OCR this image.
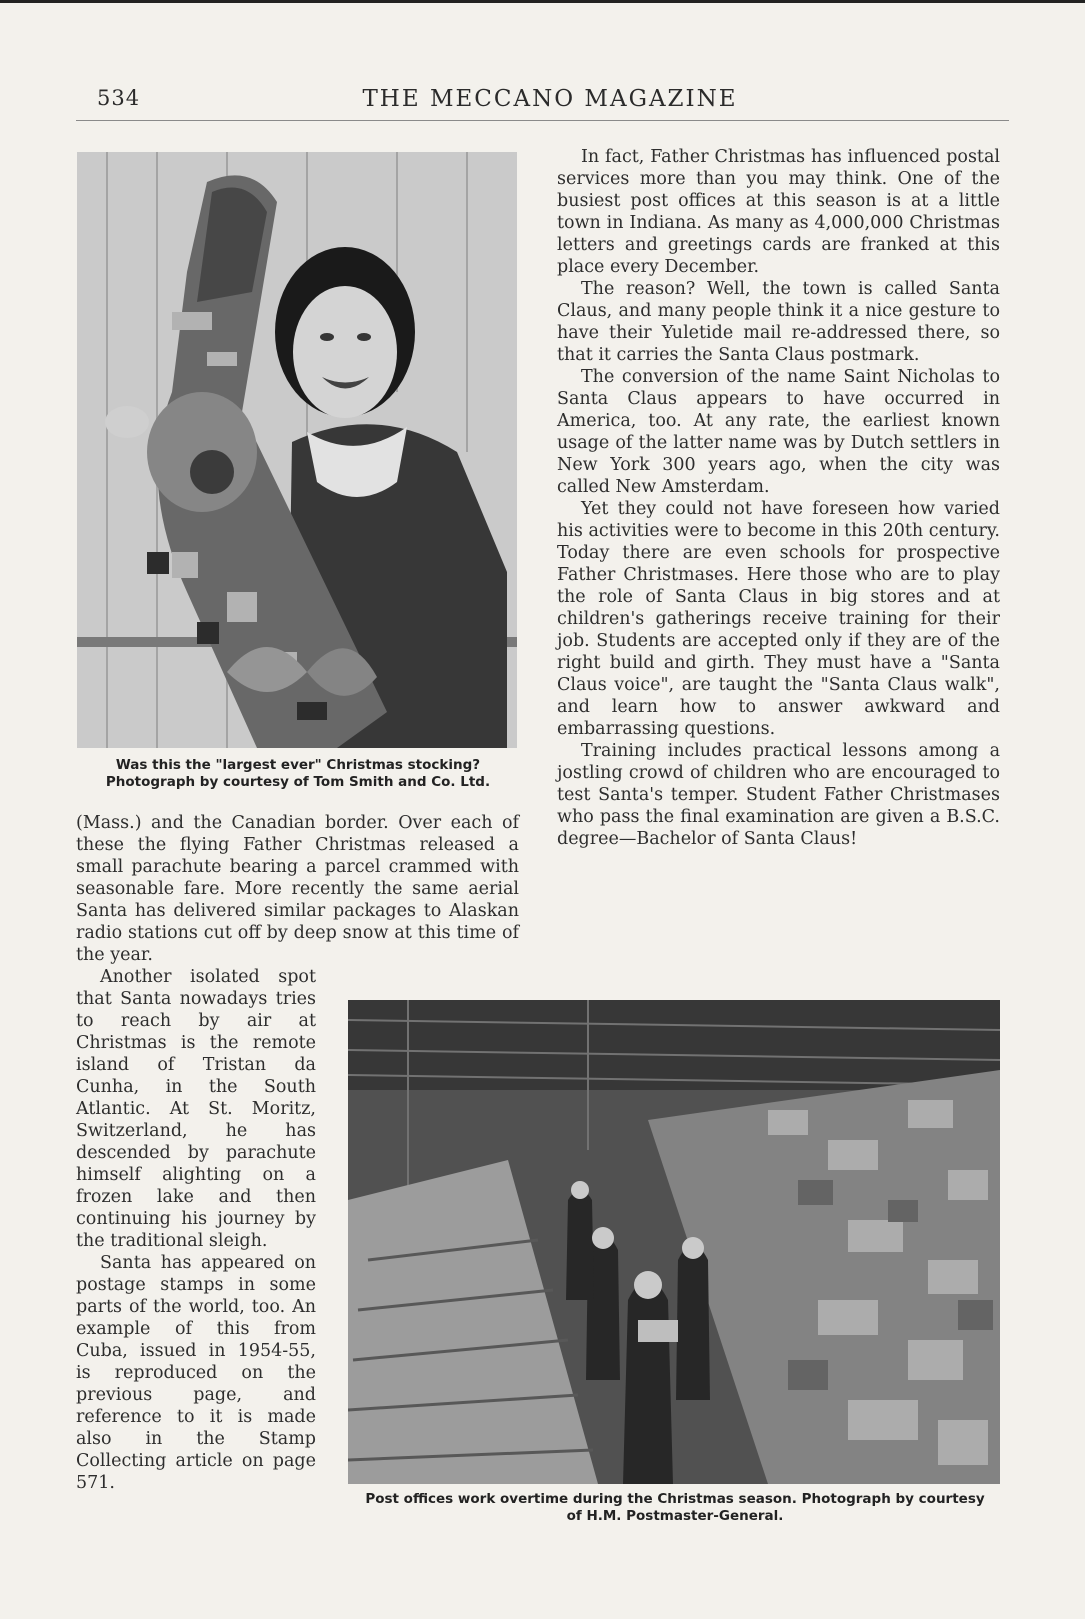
534	THE MECCANO MAGAZINE
Was this the "largest ever" Christmas stocking?
Photograph by courtesy of Tom Smith and Co. Ltd.

(Mass.) and the Canadian border. Over each of these the flying Father Christmas released a small parachute bearing a parcel crammed with seasonable fare. More recently the same aerial Santa has delivered similar packages to Alaskan radio stations cut off by deep snow at this time of the year.

Another isolated spot that Santa nowadays tries to reach by air at Christmas is the remote island of Tristan da Cunha, in the South Atlantic. At St. Moritz, Switzerland, he has descended by parachute himself alighting on a frozen lake and then continuing his journey by the traditional sleigh.

Santa has appeared on postage stamps in some parts of the world, too. An example of this from Cuba, issued in 1954-55, is reproduced on the previous page, and reference to it is made also in the Stamp Collecting article on page 571.

In fact, Father Christmas has influenced postal services more than you may think. One of the busiest post offices at this season is at a little town in Indiana. As many as 4,000,000 Christmas letters and greetings cards are franked at this place every December.

The reason? Well, the town is called Santa Claus, and many people think it a nice gesture to have their Yuletide mail re-addressed there, so that it carries the Santa Claus postmark.

The conversion of the name Saint Nicholas to Santa Claus appears to have occurred in America, too. At any rate, the earliest known usage of the latter name was by Dutch settlers in New York 300 years ago, when the city was called New Amsterdam.

Yet they could not have foreseen how varied his activities were to become in this 20th century. Today there are even schools for prospective Father Christmases. Here those who are to play the role of Santa Claus in big stores and at children's gatherings receive training for their job. Students are accepted only if they are of the right build and girth. They must have a "Santa Claus voice", are taught the "Santa Claus walk", and learn how to answer awkward and embarrassing questions.

Training includes practical lessons among a jostling crowd of children who are encouraged to test Santa's temper. Student Father Christmases who pass the final examination are given a B.S.C. degree—Bachelor of Santa Claus!

Post offices work overtime during the Christmas season. Photograph by courtesy
of H.M. Postmaster-General.
